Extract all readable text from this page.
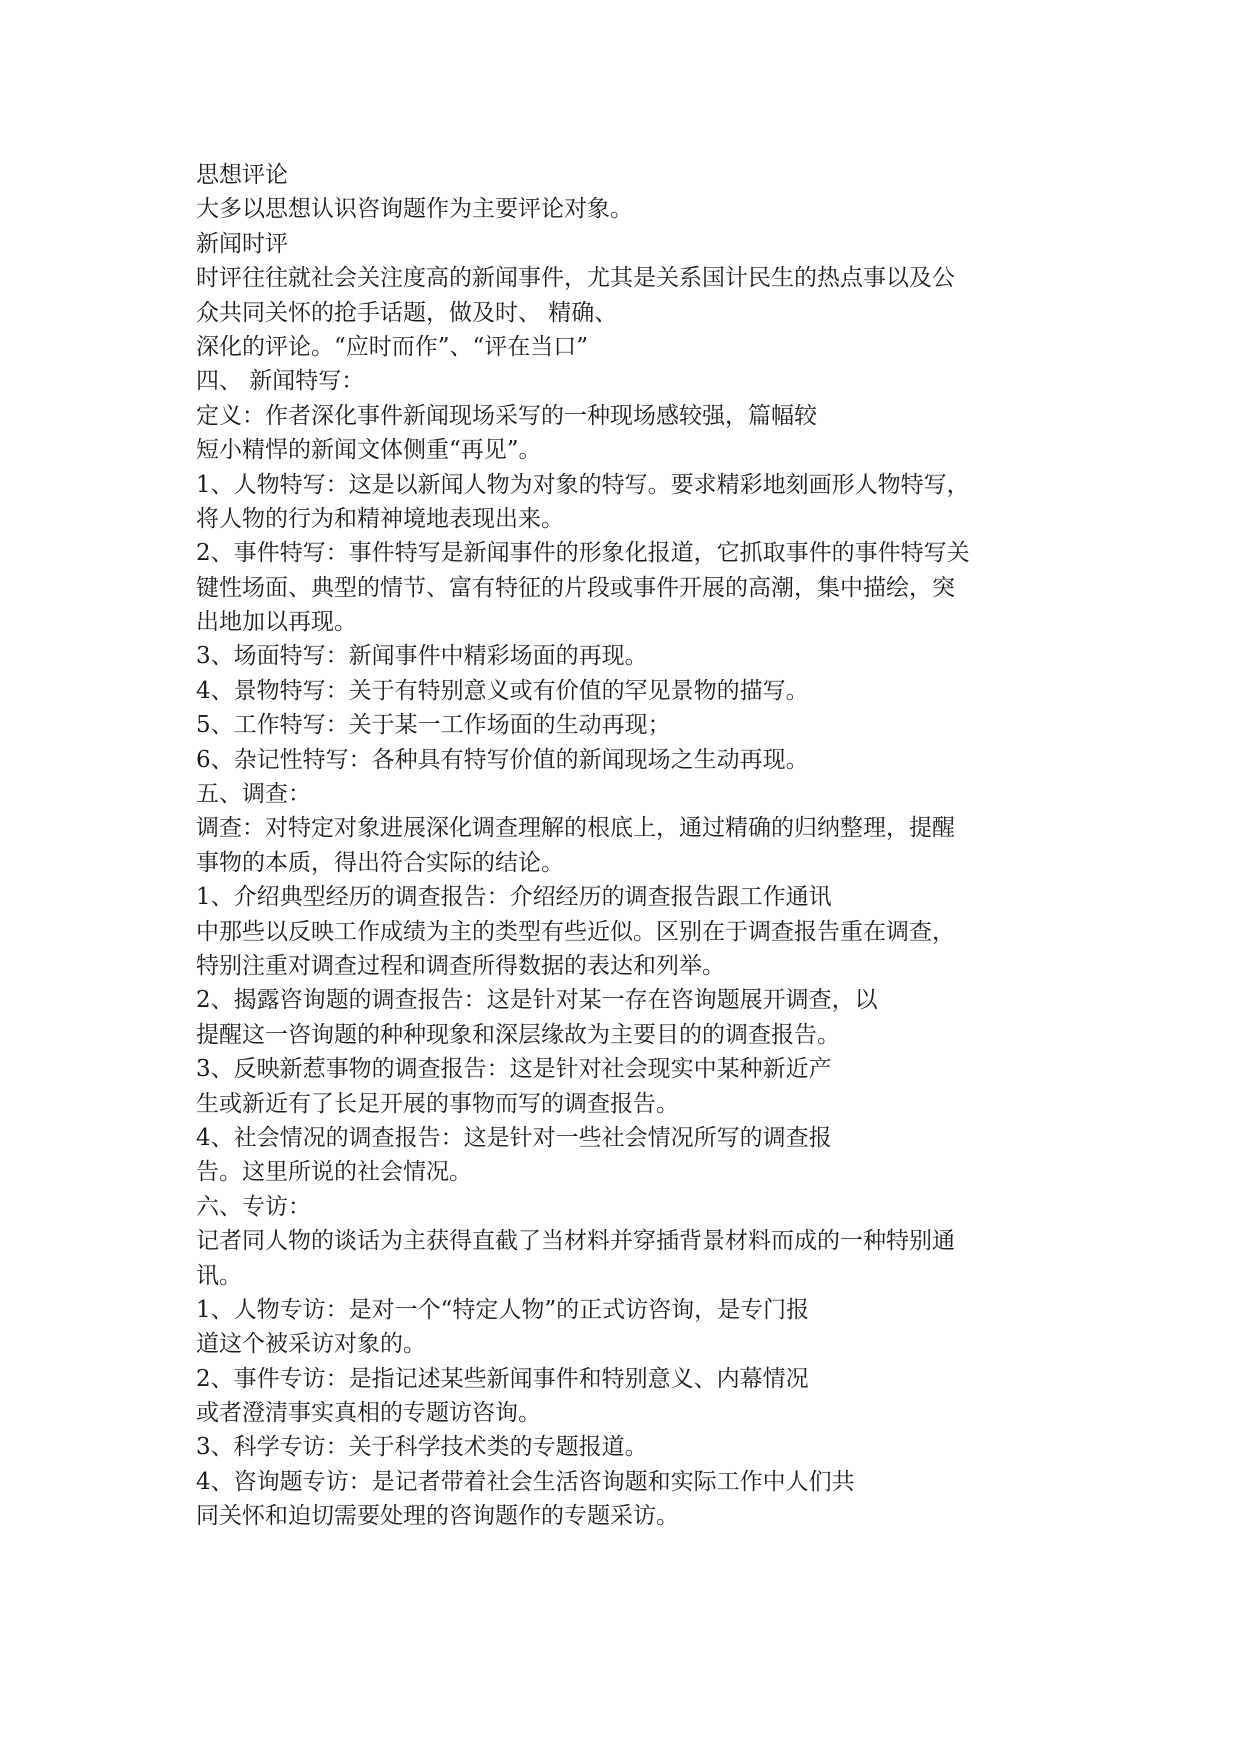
思想评论
大多以思想认识咨询题作为主要评论对象。
新闻时评
时评往往就社会关注度高的新闻事件，尤其是关系国计民生的热点事以及公
众共同关怀的抢手话题，做及时、 精确、
深化的评论。“应时而作”、“评在当口”
四、 新闻特写：
定义：作者深化事件新闻现场采写的一种现场感较强，篇幅较
短小精悍的新闻文体侧重“再见”。
1、人物特写：这是以新闻人物为对象的特写。要求精彩地刻画形人物特写，
将人物的行为和精神境地表现出来。
2、事件特写：事件特写是新闻事件的形象化报道，它抓取事件的事件特写关
键性场面、典型的情节、富有特征的片段或事件开展的高潮，集中描绘，突
出地加以再现。
3、场面特写：新闻事件中精彩场面的再现。
4、景物特写：关于有特别意义或有价值的罕见景物的描写。
5、工作特写：关于某一工作场面的生动再现；
6、杂记性特写：各种具有特写价值的新闻现场之生动再现。
五、调查：
调查：对特定对象进展深化调查理解的根底上，通过精确的归纳整理，提醒
事物的本质，得出符合实际的结论。
1、介绍典型经历的调查报告：介绍经历的调查报告跟工作通讯
中那些以反映工作成绩为主的类型有些近似。区别在于调查报告重在调查，
特别注重对调查过程和调查所得数据的表达和列举。
2、揭露咨询题的调查报告：这是针对某一存在咨询题展开调查，以
提醒这一咨询题的种种现象和深层缘故为主要目的的调查报告。
3、反映新惹事物的调查报告：这是针对社会现实中某种新近产
生或新近有了长足开展的事物而写的调查报告。
4、社会情况的调查报告：这是针对一些社会情况所写的调查报
告。这里所说的社会情况。
六、专访：
记者同人物的谈话为主获得直截了当材料并穿插背景材料而成的一种特别通
讯。
1、人物专访：是对一个“特定人物”的正式访咨询，是专门报
道这个被采访对象的。
2、事件专访：是指记述某些新闻事件和特别意义、内幕情况
或者澄清事实真相的专题访咨询。
3、科学专访：关于科学技术类的专题报道。
4、咨询题专访：是记者带着社会生活咨询题和实际工作中人们共
同关怀和迫切需要处理的咨询题作的专题采访。
